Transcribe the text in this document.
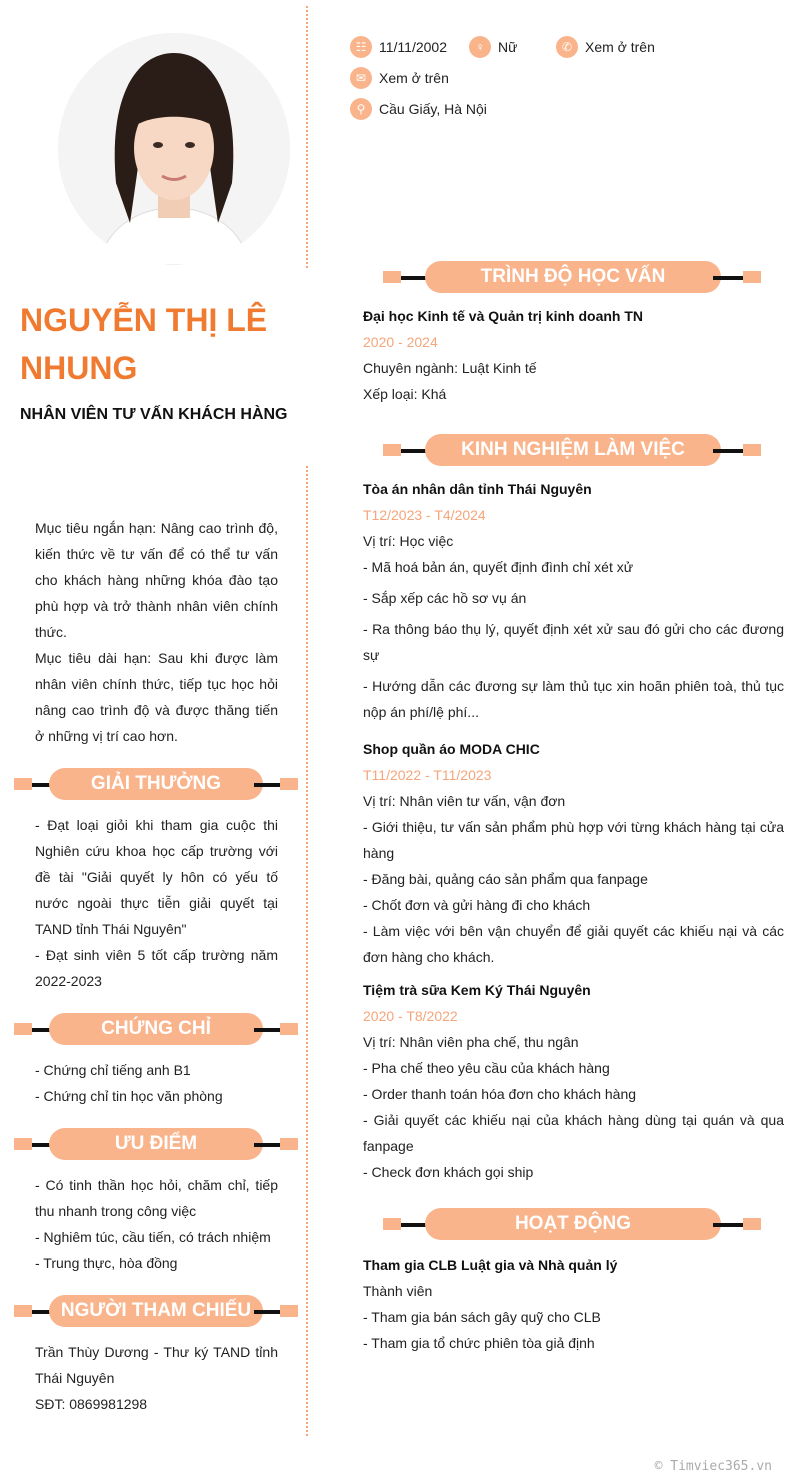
NGUYỄN THỊ LÊ NHUNG
NHÂN VIÊN TƯ VẤN KHÁCH HÀNG
☷ 11/11/2002	♀ Nữ	✆ Xem ở trên
✉ Xem ở trên
⚲ Cầu Giấy, Hà Nội
Mục tiêu ngắn hạn: Nâng cao trình độ, kiến thức về tư vấn để có thể tư vấn cho khách hàng những khóa đào tạo phù hợp và trở thành nhân viên chính thức.
Mục tiêu dài hạn: Sau khi được làm nhân viên chính thức, tiếp tục học hỏi nâng cao trình độ và được thăng tiến ở những vị trí cao hơn.
GIẢI THƯỞNG
- Đạt loại giỏi khi tham gia cuộc thi Nghiên cứu khoa học cấp trường với đề tài "Giải quyết ly hôn có yếu tố nước ngoài thực tiễn giải quyết tại TAND tỉnh Thái Nguyên"
- Đạt sinh viên 5 tốt cấp trường năm 2022-2023
CHỨNG CHỈ
- Chứng chỉ tiếng anh B1
- Chứng chỉ tin học văn phòng
ƯU ĐIỂM
- Có tinh thần học hỏi, chăm chỉ, tiếp thu nhanh trong công việc
- Nghiêm túc, cầu tiến, có trách nhiệm
- Trung thực, hòa đồng
NGƯỜI THAM CHIẾU
Trần Thùy Dương - Thư ký TAND tỉnh Thái Nguyên
SĐT: 0869981298
TRÌNH ĐỘ HỌC VẤN
Đại học Kinh tế và Quản trị kinh doanh TN
2020 - 2024
Chuyên ngành: Luật Kinh tế
Xếp loại: Khá
KINH NGHIỆM LÀM VIỆC
Tòa án nhân dân tỉnh Thái Nguyên
T12/2023 - T4/2024
Vị trí: Học việc
- Mã hoá bản án, quyết định đình chỉ xét xử
- Sắp xếp các hồ sơ vụ án
- Ra thông báo thụ lý, quyết định xét xử sau đó gửi cho các đương sự
- Hướng dẫn các đương sự làm thủ tục xin hoãn phiên toà, thủ tục nộp án phí/lệ phí...
Shop quần áo MODA CHIC
T11/2022 - T11/2023
Vị trí: Nhân viên tư vấn, vận đơn
- Giới thiệu, tư vấn sản phẩm phù hợp với từng khách hàng tại cửa hàng
- Đăng bài, quảng cáo sản phẩm qua fanpage
- Chốt đơn và gửi hàng đi cho khách
- Làm việc với bên vận chuyển để giải quyết các khiếu nại và các đơn hàng cho khách.
Tiệm trà sữa Kem Ký Thái Nguyên
2020 - T8/2022
Vị trí: Nhân viên pha chế, thu ngân
- Pha chế theo yêu cầu của khách hàng
- Order thanh toán hóa đơn cho khách hàng
- Giải quyết các khiếu nại của khách hàng dùng tại quán và qua fanpage
- Check đơn khách gọi ship
HOẠT ĐỘNG
Tham gia CLB Luật gia và Nhà quản lý
Thành viên
- Tham gia bán sách gây quỹ cho CLB
- Tham gia tổ chức phiên tòa giả định
© Timviec365.vn
